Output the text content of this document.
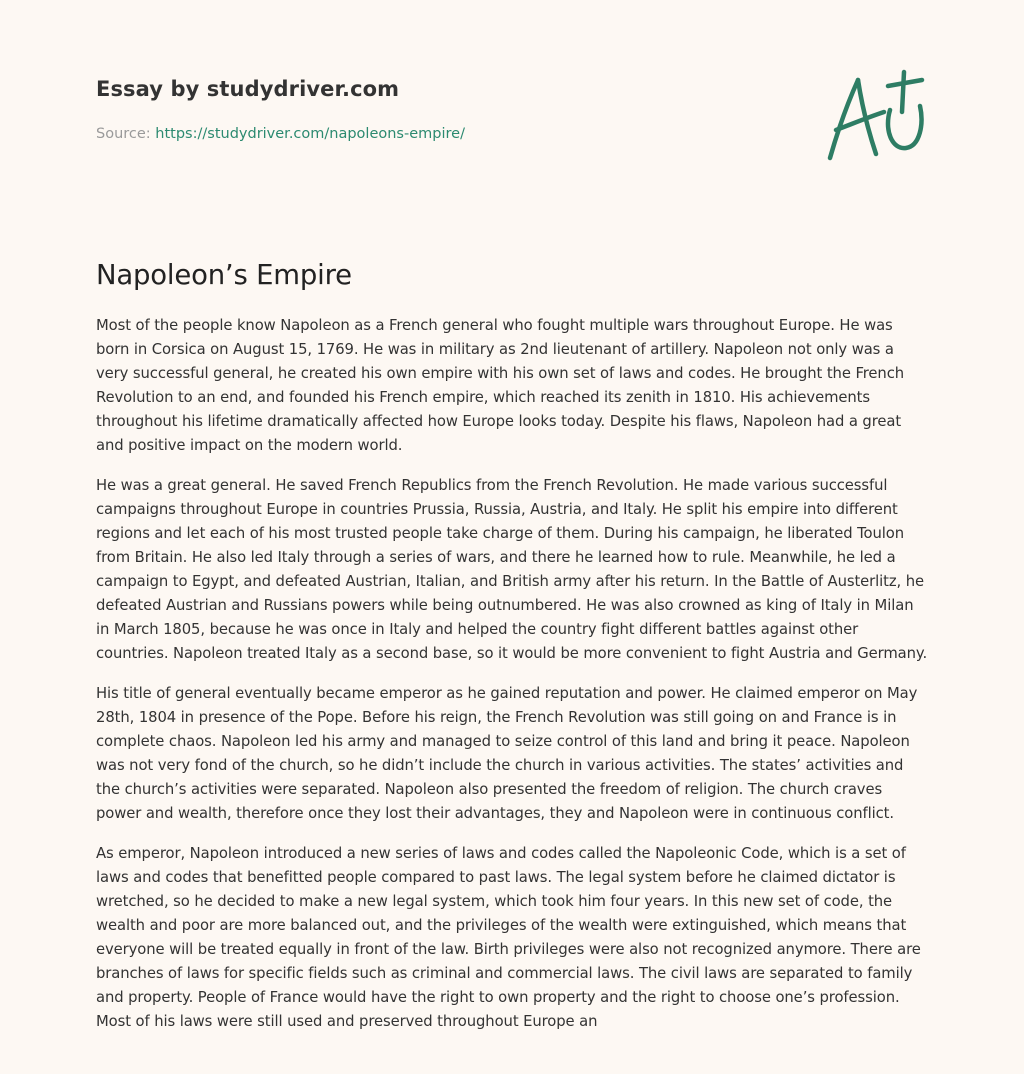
Essay by studydriver.com
Source: https://studydriver.com/napoleons-empire/
Napoleon’s Empire

Most of the people know Napoleon as a French general who fought multiple wars throughout Europe. He was born in Corsica on August 15, 1769. He was in military as 2nd lieutenant of artillery. Napoleon not only was a very successful general, he created his own empire with his own set of laws and codes. He brought the French Revolution to an end, and founded his French empire, which reached its zenith in 1810. His achievements throughout his lifetime dramatically affected how Europe looks today. Despite his flaws, Napoleon had a great and positive impact on the modern world.

He was a great general. He saved French Republics from the French Revolution. He made various successful campaigns throughout Europe in countries Prussia, Russia, Austria, and Italy. He split his empire into different regions and let each of his most trusted people take charge of them. During his campaign, he liberated Toulon from Britain. He also led Italy through a series of wars, and there he learned how to rule. Meanwhile, he led a campaign to Egypt, and defeated Austrian, Italian, and British army after his return. In the Battle of Austerlitz, he defeated Austrian and Russians powers while being outnumbered. He was also crowned as king of Italy in Milan in March 1805, because he was once in Italy and helped the country fight different battles against other countries. Napoleon treated Italy as a second base, so it would be more convenient to fight Austria and Germany.

His title of general eventually became emperor as he gained reputation and power. He claimed emperor on May 28th, 1804 in presence of the Pope. Before his reign, the French Revolution was still going on and France is in complete chaos. Napoleon led his army and managed to seize control of this land and bring it peace. Napoleon was not very fond of the church, so he didn’t include the church in various activities. The states’ activities and the church’s activities were separated. Napoleon also presented the freedom of religion. The church craves power and wealth, therefore once they lost their advantages, they and Napoleon were in continuous conflict.

As emperor, Napoleon introduced a new series of laws and codes called the Napoleonic Code, which is a set of laws and codes that benefitted people compared to past laws. The legal system before he claimed dictator is wretched, so he decided to make a new legal system, which took him four years. In this new set of code, the wealth and poor are more balanced out, and the privileges of the wealth were extinguished, which means that everyone will be treated equally in front of the law. Birth privileges were also not recognized anymore. There are branches of laws for specific fields such as criminal and commercial laws. The civil laws are separated to family and property. People of France would have the right to own property and the right to choose one’s profession. Most of his laws were still used and preserved throughout Europe an
